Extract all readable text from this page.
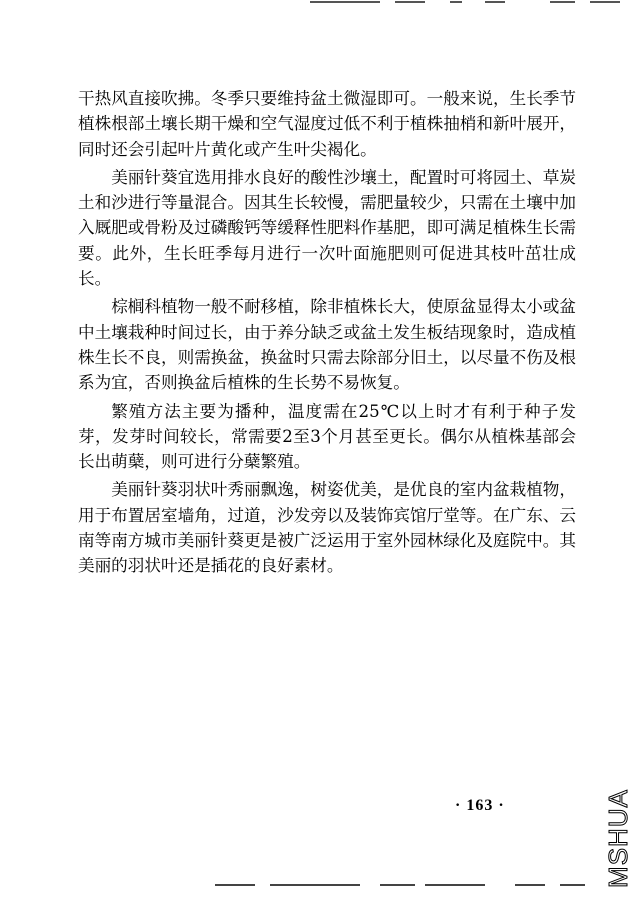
干热风直接吹拂。冬季只要维持盆土微湿即可。一般来说，生长季节植株根部土壤长期干燥和空气湿度过低不利于植株抽梢和新叶展开，同时还会引起叶片黄化或产生叶尖褐化。

美丽针葵宜选用排水良好的酸性沙壤土，配置时可将园土、草炭土和沙进行等量混合。因其生长较慢，需肥量较少，只需在土壤中加入厩肥或骨粉及过磷酸钙等缓释性肥料作基肥，即可满足植株生长需要。此外，生长旺季每月进行一次叶面施肥则可促进其枝叶茁壮成长。

棕榈科植物一般不耐移植，除非植株长大，使原盆显得太小或盆中土壤栽种时间过长，由于养分缺乏或盆土发生板结现象时，造成植株生长不良，则需换盆，换盆时只需去除部分旧土，以尽量不伤及根系为宜，否则换盆后植株的生长势不易恢复。

繁殖方法主要为播种，温度需在25℃以上时才有利于种子发芽，发芽时间较长，常需要2至3个月甚至更长。偶尔从植株基部会长出萌蘖，则可进行分蘖繁殖。

美丽针葵羽状叶秀丽飘逸，树姿优美，是优良的室内盆栽植物，用于布置居室墙角，过道，沙发旁以及装饰宾馆厅堂等。在广东、云南等南方城市美丽针葵更是被广泛运用于室外园林绿化及庭院中。其美丽的羽状叶还是插花的良好素材。

· 163 ·	MSHUA
